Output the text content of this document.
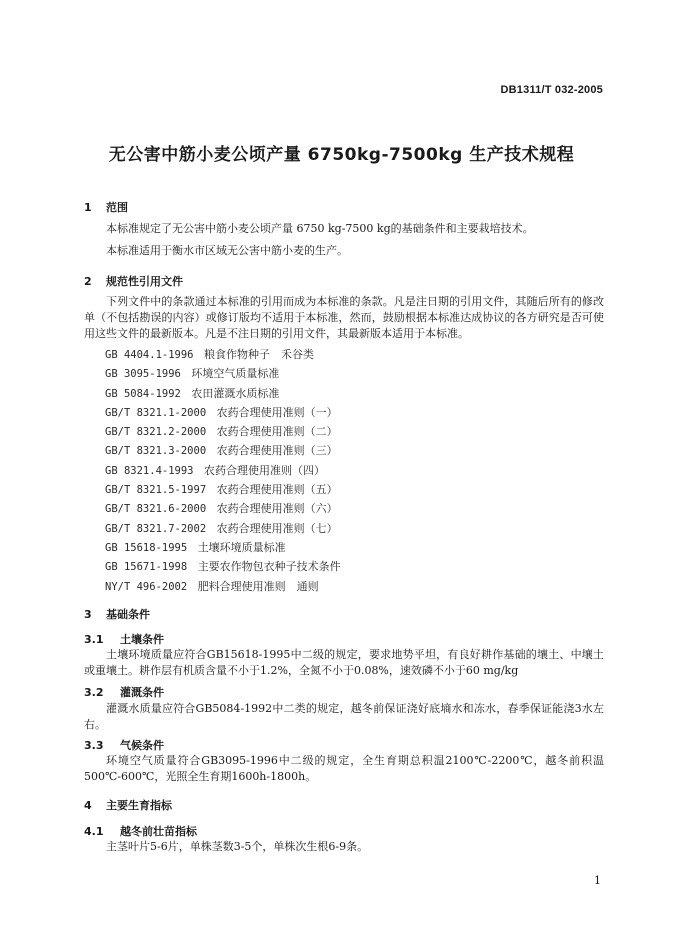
DB1311/T 032-2005
无公害中筋小麦公顷产量 6750kg-7500kg 生产技术规程
1 范围
本标准规定了无公害中筋小麦公顷产量 6750 kg-7500 kg的基础条件和主要栽培技术。
本标准适用于衡水市区域无公害中筋小麦的生产。
2 规范性引用文件
下列文件中的条款通过本标准的引用而成为本标准的条款。凡是注日期的引用文件，其随后所有的修改单（不包括勘误的内容）或修订版均不适用于本标准，然而，鼓励根据本标准达成协议的各方研究是否可使用这些文件的最新版本。凡是不注日期的引用文件，其最新版本适用于本标准。
GB 4404.1-1996　 粮食作物种子　禾谷类
GB 3095-1996　 环境空气质量标准
GB 5084-1992　 农田灌溉水质标准
GB/T 8321.1-2000　 农药合理使用准则（一）
GB/T 8321.2-2000　 农药合理使用准则（二）
GB/T 8321.3-2000　 农药合理使用准则（三）
GB 8321.4-1993　 农药合理使用准则（四）
GB/T 8321.5-1997　 农药合理使用准则（五）
GB/T 8321.6-2000　 农药合理使用准则（六）
GB/T 8321.7-2002　 农药合理使用准则（七）
GB 15618-1995　 土壤环境质量标准
GB 15671-1998　 主要农作物包衣种子技术条件
NY/T 496-2002　 肥料合理使用准则　通则
3 基础条件
3.1 土壤条件
土壤环境质量应符合GB15618-1995中二级的规定，要求地势平坦，有良好耕作基础的壤土、中壤土或重壤土。耕作层有机质含量不小于1.2%，全氮不小于0.08%，速效磷不小于60 mg/kg
3.2 灌溉条件
灌溉水质量应符合GB5084-1992中二类的规定，越冬前保证浇好底墒水和冻水，春季保证能浇3水左右。
3.3 气候条件
环境空气质量符合GB3095-1996中二级的规定，全生育期总积温2100℃-2200℃，越冬前积温500℃-600℃，光照全生育期1600h-1800h。
4 主要生育指标
4.1 越冬前壮苗指标
主茎叶片5-6片，单株茎数3-5个，单株次生根6-9条。
1
